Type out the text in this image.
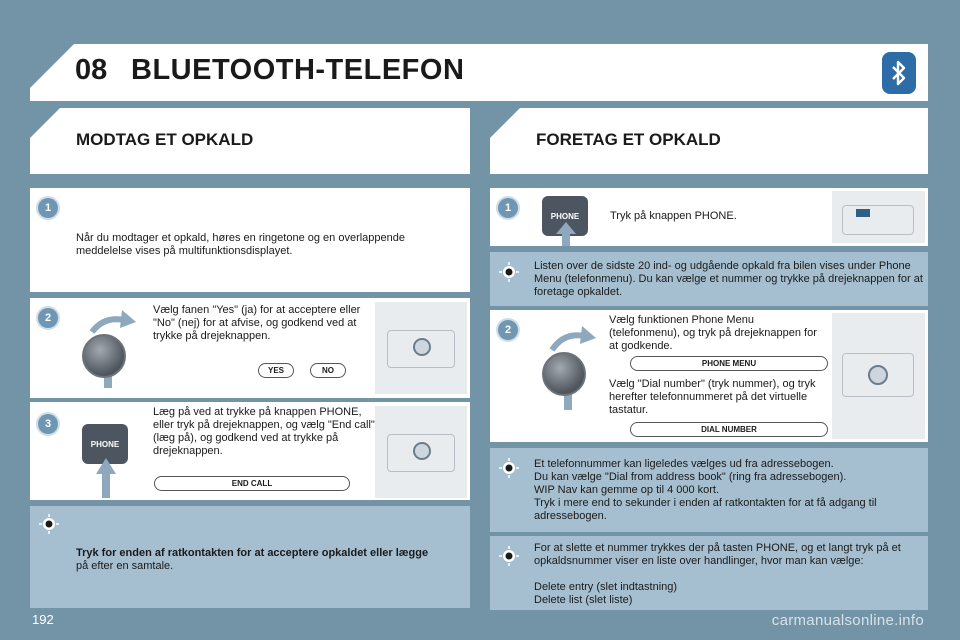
08 BLUETOOTH-TELEFON
MODTAG ET OPKALD	FORETAG ET OPKALD
1
Når du modtager et opkald, høres en ringetone og en overlappende meddelelse vises på multifunktionsdisplayet.
2
Vælg fanen "Yes" (ja) for at acceptere eller "No" (nej) for at afvise, og godkend ved at trykke på drejeknappen.
YES	NO
3
PHONE
Læg på ved at trykke på knappen PHONE, eller tryk på drejeknappen, og vælg "End call" (læg på), og godkend ved at trykke på drejeknappen.
END CALL
Tryk for enden af ratkontakten for at acceptere opkaldet eller lægge
på efter en samtale.
1
PHONE	Tryk på knappen PHONE.
Listen over de sidste 20 ind- og udgående opkald fra bilen vises under Phone Menu (telefonmenu). Du kan vælge et nummer og trykke på drejeknappen for at foretage opkaldet.
2
Vælg funktionen Phone Menu (telefonmenu), og tryk på drejeknappen for at godkende.
PHONE MENU
Vælg "Dial number" (tryk nummer), og tryk herefter telefonnummeret på det virtuelle tastatur.
DIAL NUMBER
Et telefonnummer kan ligeledes vælges ud fra adressebogen.
Du kan vælge "Dial from address book" (ring fra adressebogen).
WIP Nav kan gemme op til 4 000 kort.
Tryk i mere end to sekunder i enden af ratkontakten for at få adgang til adressebogen.
For at slette et nummer trykkes der på tasten PHONE, og et langt tryk på et opkaldsnummer viser en liste over handlinger, hvor man kan vælge:
Delete entry (slet indtastning)
Delete list (slet liste)
192	carmanualsonline.info
